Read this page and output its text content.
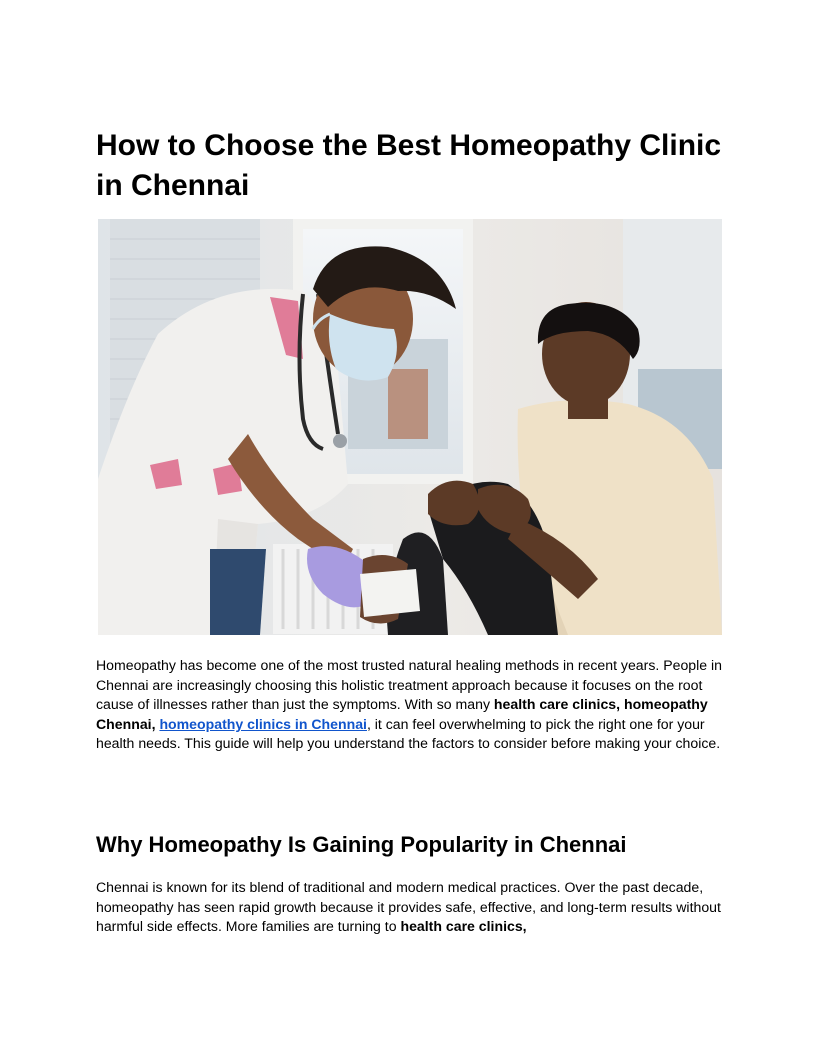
How to Choose the Best Homeopathy Clinic in Chennai

Homeopathy has become one of the most trusted natural healing methods in recent years. People in Chennai are increasingly choosing this holistic treatment approach because it focuses on the root cause of illnesses rather than just the symptoms. With so many health care clinics, homeopathy Chennai, homeopathy clinics in Chennai, it can feel overwhelming to pick the right one for your health needs. This guide will help you understand the factors to consider before making your choice.

Why Homeopathy Is Gaining Popularity in Chennai

Chennai is known for its blend of traditional and modern medical practices. Over the past decade, homeopathy has seen rapid growth because it provides safe, effective, and long-term results without harmful side effects. More families are turning to health care clinics,
